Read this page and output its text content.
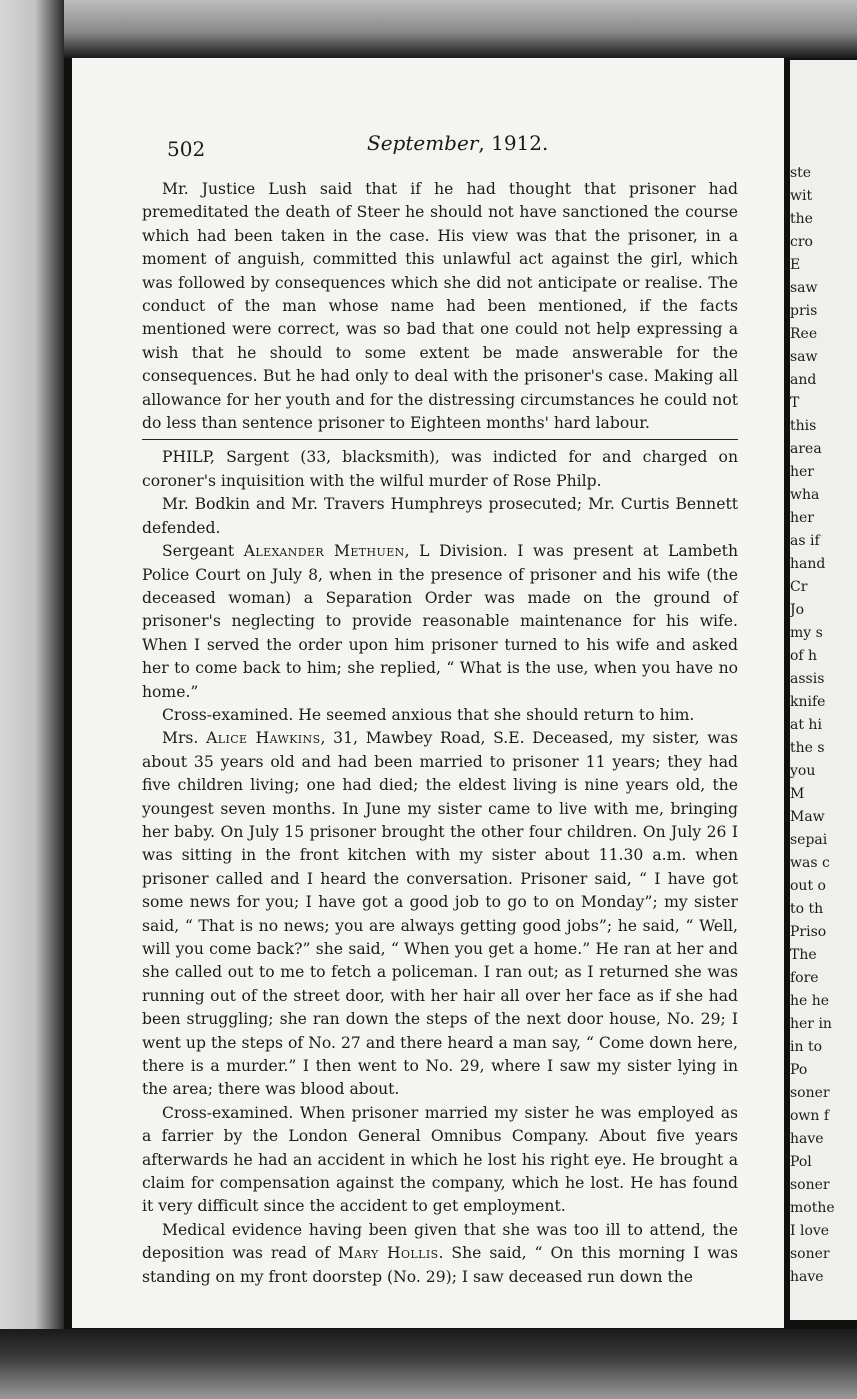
502	September, 1912.

Mr. Justice Lush said that if he had thought that prisoner had premeditated the death of Steer he should not have sanctioned the course which had been taken in the case. His view was that the prisoner, in a moment of anguish, committed this unlawful act against the girl, which was followed by consequences which she did not anticipate or realise. The conduct of the man whose name had been mentioned, if the facts mentioned were correct, was so bad that one could not help expressing a wish that he should to some extent be made answerable for the consequences. But he had only to deal with the prisoner's case. Making all allowance for her youth and for the distressing circumstances he could not do less than sentence prisoner to Eighteen months' hard labour.

PHILP, Sargent (33, blacksmith), was indicted for and charged on coroner's inquisition with the wilful murder of Rose Philp.

Mr. Bodkin and Mr. Travers Humphreys prosecuted; Mr. Curtis Bennett defended.

Sergeant Alexander Methuen, L Division. I was present at Lambeth Police Court on July 8, when in the presence of prisoner and his wife (the deceased woman) a Separation Order was made on the ground of prisoner's neglecting to provide reasonable maintenance for his wife. When I served the order upon him prisoner turned to his wife and asked her to come back to him; she replied, “ What is the use, when you have no home.”

Cross-examined. He seemed anxious that she should return to him.

Mrs. Alice Hawkins, 31, Mawbey Road, S.E. Deceased, my sister, was about 35 years old and had been married to prisoner 11 years; they had five children living; one had died; the eldest living is nine years old, the youngest seven months. In June my sister came to live with me, bringing her baby. On July 15 prisoner brought the other four children. On July 26 I was sitting in the front kitchen with my sister about 11.30 a.m. when prisoner called and I heard the conversation. Prisoner said, “ I have got some news for you; I have got a good job to go to on Monday”; my sister said, “ That is no news; you are always getting good jobs”; he said, “ Well, will you come back?” she said, “ When you get a home.” He ran at her and she called out to me to fetch a policeman. I ran out; as I returned she was running out of the street door, with her hair all over her face as if she had been struggling; she ran down the steps of the next door house, No. 29; I went up the steps of No. 27 and there heard a man say, “ Come down here, there is a murder.” I then went to No. 29, where I saw my sister lying in the area; there was blood about.

Cross-examined. When prisoner married my sister he was employed as a farrier by the London General Omnibus Company. About five years afterwards he had an accident in which he lost his right eye. He brought a claim for compensation against the company, which he lost. He has found it very difficult since the accident to get employment.

Medical evidence having been given that she was too ill to attend, the deposition was read of Mary Hollis. She said, “ On this morning I was standing on my front doorstep (No. 29); I saw deceased run down the

ste
wit
the
cro
E
saw
pris
Ree
saw
and
T
this
area
her
wha
her
as if
hand
Cr
Jo
my s
of h
assis
knife
at hi
the s
you
M
Maw
sepai
was c
out o
to th
Priso
The
fore
he he
her in
in to
Po
soner
own f
have
Pol
soner
mothe
I love
soner
have
